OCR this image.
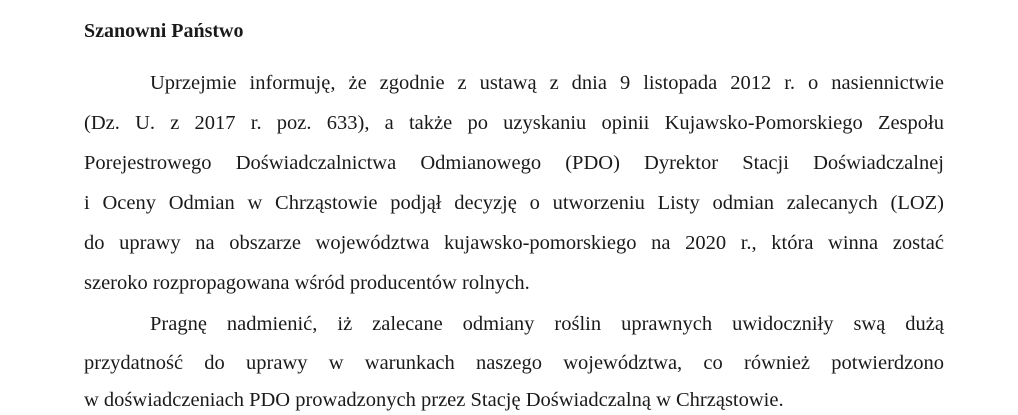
Szanowni Państwo
Uprzejmie informuję, że zgodnie z ustawą z dnia 9 listopada 2012 r. o nasiennictwie
(Dz. U. z 2017 r. poz. 633), a także po uzyskaniu opinii Kujawsko-Pomorskiego Zespołu
Porejestrowego Doświadczalnictwa Odmianowego (PDO) Dyrektor Stacji Doświadczalnej
i Oceny Odmian w Chrząstowie podjął decyzję o utworzeniu Listy odmian zalecanych (LOZ)
do uprawy na obszarze województwa kujawsko-pomorskiego na 2020 r., która winna zostać
szeroko rozpropagowana wśród producentów rolnych.
Pragnę nadmienić, iż zalecane odmiany roślin uprawnych uwidoczniły swą dużą
przydatność do uprawy w warunkach naszego województwa, co również potwierdzono
w doświadczeniach PDO prowadzonych przez Stację Doświadczalną w Chrząstowie.
